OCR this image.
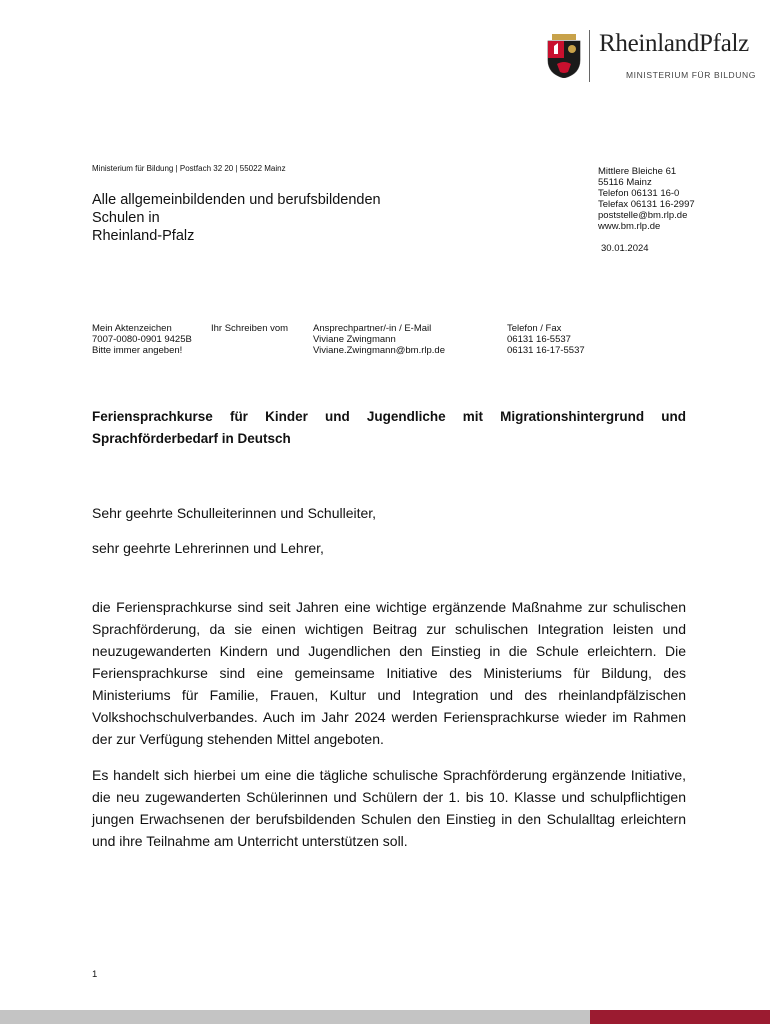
RheinlandPfalz
MINISTERIUM FÜR BILDUNG
Ministerium für Bildung | Postfach 32 20 | 55022 Mainz
Alle allgemeinbildenden und berufsbildenden
Schulen in
Rheinland-Pfalz
Mittlere Bleiche 61
55116 Mainz
Telefon 06131 16-0
Telefax 06131 16-2997
poststelle@bm.rlp.de
www.bm.rlp.de
30.01.2024
Mein Aktenzeichen
7007-0080-0901 9425B
Bitte immer angeben!
Ihr Schreiben vom	Ansprechpartner/-in / E-Mail
Viviane Zwingmann
Viviane.Zwingmann@bm.rlp.de
Telefon / Fax
06131 16-5537
06131 16-17-5537
Feriensprachkurse für Kinder und Jugendliche mit Migrationshintergrund und Sprachförderbedarf in Deutsch
Sehr geehrte Schulleiterinnen und Schulleiter,
sehr geehrte Lehrerinnen und Lehrer,

die Feriensprachkurse sind seit Jahren eine wichtige ergänzende Maßnahme zur schulischen Sprachförderung, da sie einen wichtigen Beitrag zur schulischen Integration leisten und neuzugewanderten Kindern und Jugendlichen den Einstieg in die Schule erleichtern. Die Feriensprachkurse sind eine gemeinsame Initiative des Ministeriums für Bildung, des Ministeriums für Familie, Frauen, Kultur und Integration und des rheinlandpfälzischen Volkshochschulverbandes. Auch im Jahr 2024 werden Feriensprachkurse wieder im Rahmen der zur Verfügung stehenden Mittel angeboten.

Es handelt sich hierbei um eine die tägliche schulische Sprachförderung ergänzende Initiative, die neu zugewanderten Schülerinnen und Schülern der 1. bis 10. Klasse und schulpflichtigen jungen Erwachsenen der berufsbildenden Schulen den Einstieg in den Schulalltag erleichtern und ihre Teilnahme am Unterricht unterstützen soll.

1
